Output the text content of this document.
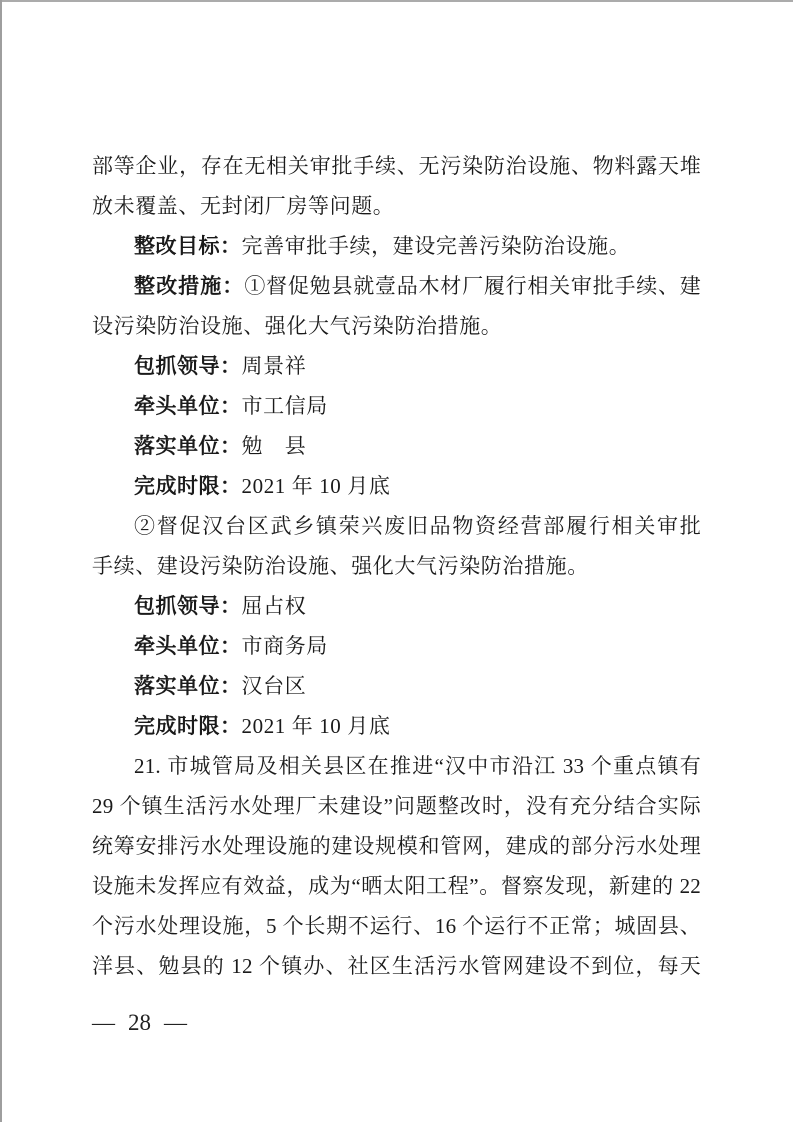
部等企业，存在无相关审批手续、无污染防治设施、物料露天堆
放未覆盖、无封闭厂房等问题。
整改目标：完善审批手续，建设完善污染防治设施。
整改措施：①督促勉县就壹品木材厂履行相关审批手续、建
设污染防治设施、强化大气污染防治措施。
包抓领导：周景祥
牵头单位：市工信局
落实单位：勉　县
完成时限：2021 年 10 月底
②督促汉台区武乡镇荣兴废旧品物资经营部履行相关审批
手续、建设污染防治设施、强化大气污染防治措施。
包抓领导：屈占权
牵头单位：市商务局
落实单位：汉台区
完成时限：2021 年 10 月底
21. 市城管局及相关县区在推进“汉中市沿江 33 个重点镇有
29 个镇生活污水处理厂未建设”问题整改时，没有充分结合实际
统筹安排污水处理设施的建设规模和管网，建成的部分污水处理
设施未发挥应有效益，成为“晒太阳工程”。督察发现，新建的 22
个污水处理设施，5 个长期不运行、16 个运行不正常；城固县、
洋县、勉县的 12 个镇办、社区生活污水管网建设不到位，每天
— 28 —
